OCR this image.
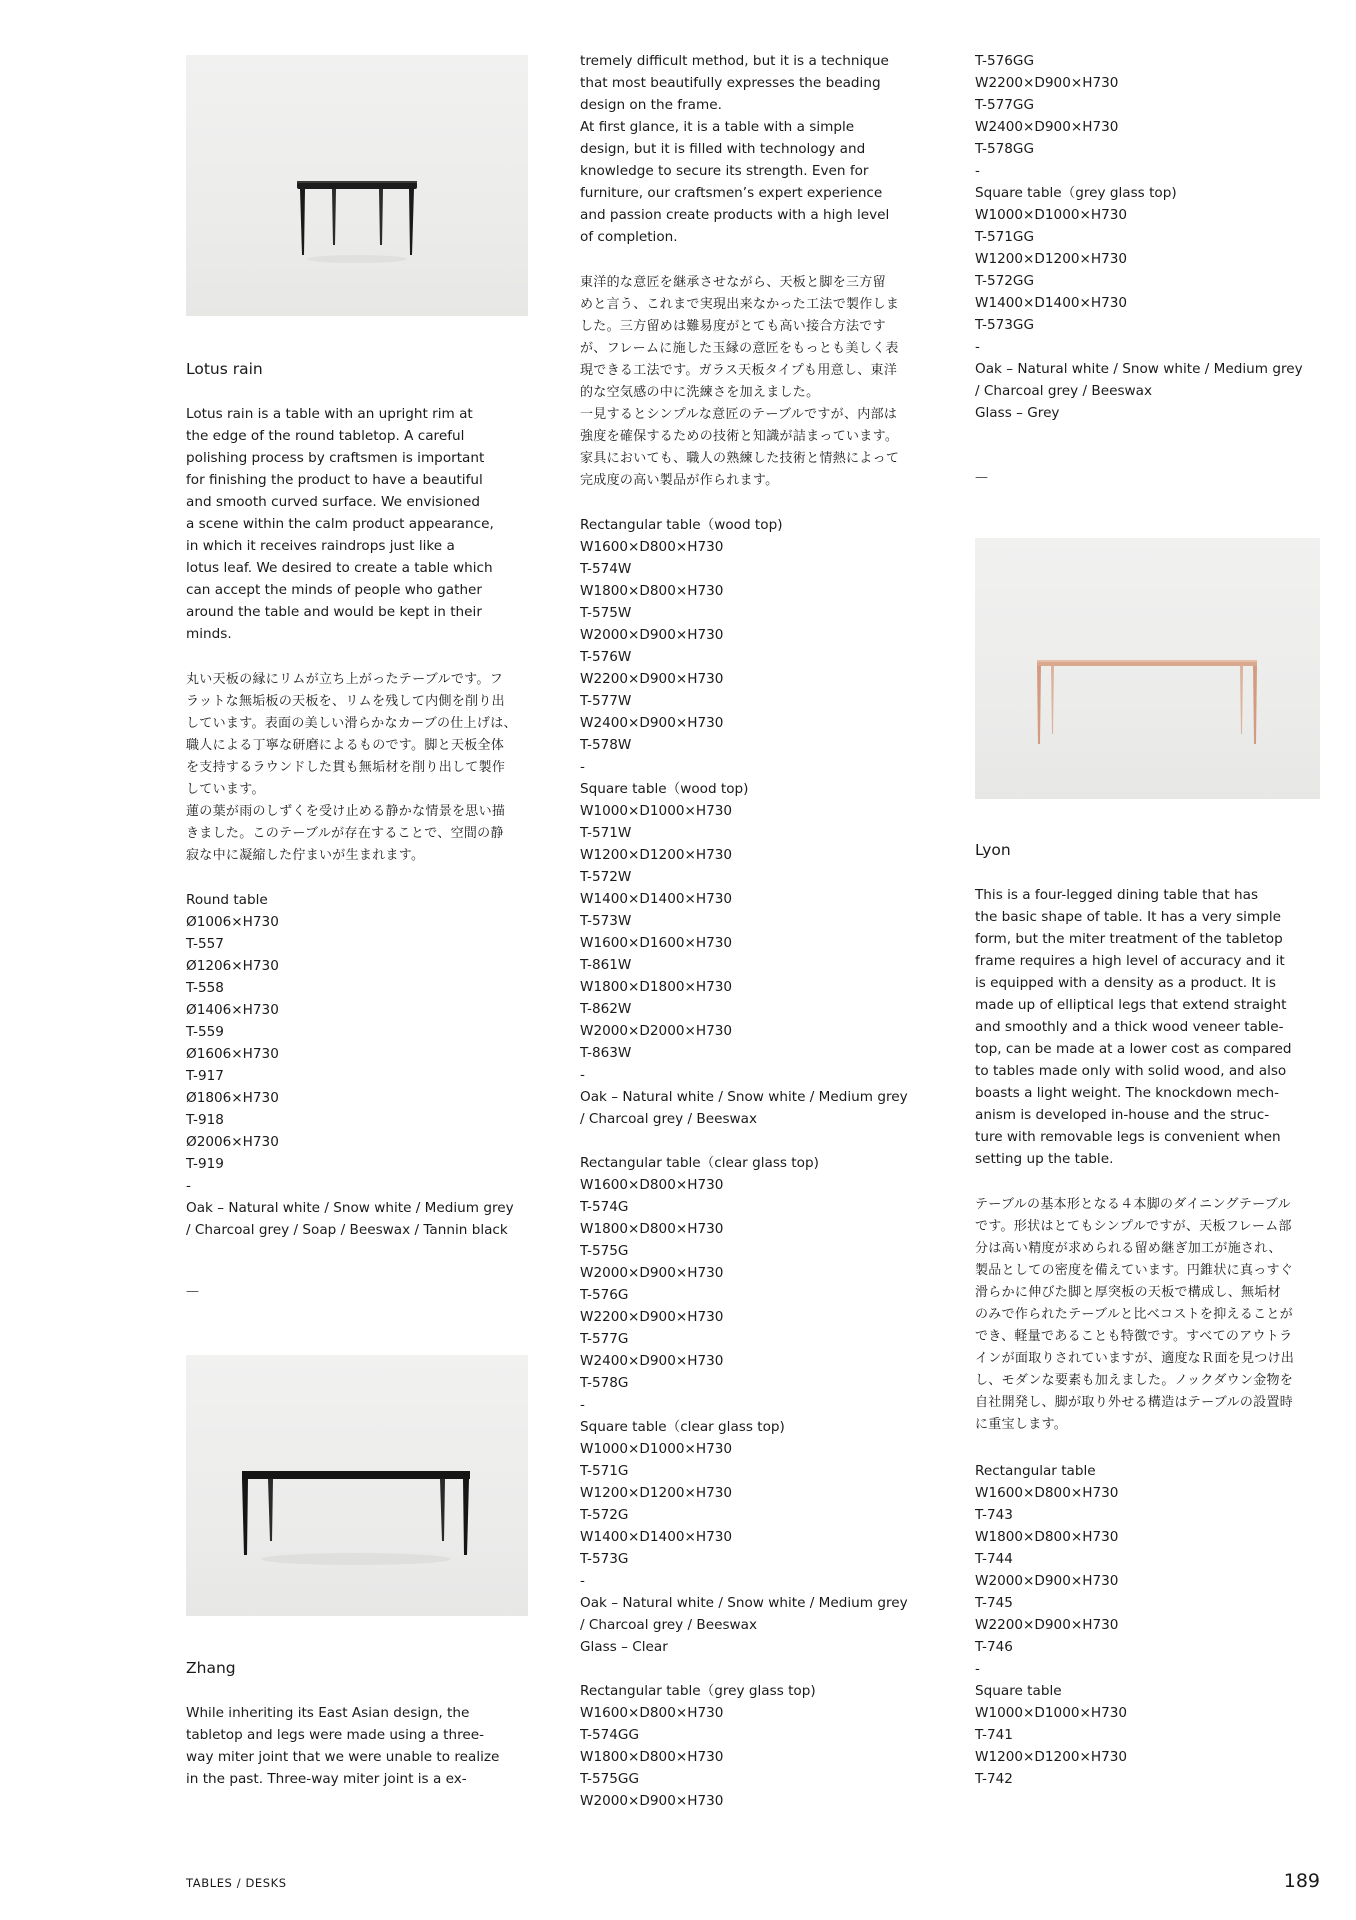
Lotus rain

Lotus rain is a table with an upright rim at
the edge of the round tabletop. A careful
polishing process by craftsmen is important
for finishing the product to have a beautiful
and smooth curved surface. We envisioned
a scene within the calm product appearance,
in which it receives raindrops just like a
lotus leaf. We desired to create a table which
can accept the minds of people who gather
around the table and would be kept in their
minds.

丸い天板の縁にリムが立ち上がったテーブルです。フ
ラットな無垢板の天板を、リムを残して内側を削り出
しています。表面の美しい滑らかなカーブの仕上げは、
職人による丁寧な研磨によるものです。脚と天板全体
を支持するラウンドした貫も無垢材を削り出して製作
しています。
蓮の葉が雨のしずくを受け止める静かな情景を思い描
きました。このテーブルが存在することで、空間の静
寂な中に凝縮した佇まいが生まれます。

Round table
Ø1006×H730
T-557
Ø1206×H730
T-558
Ø1406×H730
T-559
Ø1606×H730
T-917
Ø1806×H730
T-918
Ø2006×H730
T-919
-
Oak – Natural white / Snow white / Medium grey
/ Charcoal grey / Soap / Beeswax / Tannin black

—

Zhang

While inheriting its East Asian design, the
tabletop and legs were made using a three-
way miter joint that we were unable to realize
in the past. Three-way miter joint is a ex-

tremely difficult method, but it is a technique
that most beautifully expresses the beading
design on the frame.
At first glance, it is a table with a simple
design, but it is filled with technology and
knowledge to secure its strength. Even for
furniture, our craftsmen’s expert experience
and passion create products with a high level
of completion.

東洋的な意匠を継承させながら、天板と脚を三方留
めと言う、これまで実現出来なかった工法で製作しま
した。三方留めは難易度がとても高い接合方法です
が、フレームに施した玉縁の意匠をもっとも美しく表
現できる工法です。ガラス天板タイプも用意し、東洋
的な空気感の中に洗練さを加えました。
一見するとシンプルな意匠のテーブルですが、内部は
強度を確保するための技術と知識が詰まっています。
家具においても、職人の熟練した技術と情熱によって
完成度の高い製品が作られます。

Rectangular table（wood top)
W1600×D800×H730
T-574W
W1800×D800×H730
T-575W
W2000×D900×H730
T-576W
W2200×D900×H730
T-577W
W2400×D900×H730
T-578W
-
Square table（wood top)
W1000×D1000×H730
T-571W
W1200×D1200×H730
T-572W
W1400×D1400×H730
T-573W
W1600×D1600×H730
T-861W
W1800×D1800×H730
T-862W
W2000×D2000×H730
T-863W
-
Oak – Natural white / Snow white / Medium grey
/ Charcoal grey / Beeswax

Rectangular table（clear glass top)
W1600×D800×H730
T-574G
W1800×D800×H730
T-575G
W2000×D900×H730
T-576G
W2200×D900×H730
T-577G
W2400×D900×H730
T-578G
-
Square table（clear glass top)
W1000×D1000×H730
T-571G
W1200×D1200×H730
T-572G
W1400×D1400×H730
T-573G
-
Oak – Natural white / Snow white / Medium grey
/ Charcoal grey / Beeswax
Glass – Clear

Rectangular table（grey glass top)
W1600×D800×H730
T-574GG
W1800×D800×H730
T-575GG
W2000×D900×H730

T-576GG
W2200×D900×H730
T-577GG
W2400×D900×H730
T-578GG
-
Square table（grey glass top)
W1000×D1000×H730
T-571GG
W1200×D1200×H730
T-572GG
W1400×D1400×H730
T-573GG
-
Oak – Natural white / Snow white / Medium grey
/ Charcoal grey / Beeswax
Glass – Grey

—

Lyon

This is a four-legged dining table that has
the basic shape of table. It has a very simple
form, but the miter treatment of the tabletop
frame requires a high level of accuracy and it
is equipped with a density as a product. It is
made up of elliptical legs that extend straight
and smoothly and a thick wood veneer table-
top, can be made at a lower cost as compared
to tables made only with solid wood, and also
boasts a light weight. The knockdown mech-
anism is developed in-house and the struc-
ture with removable legs is convenient when
setting up the table.

テーブルの基本形となる４本脚のダイニングテーブル
です。形状はとてもシンプルですが、天板フレーム部
分は高い精度が求められる留め継ぎ加工が施され、
製品としての密度を備えています。円錐状に真っすぐ
滑らかに伸びた脚と厚突板の天板で構成し、無垢材
のみで作られたテーブルと比べコストを抑えることが
でき、軽量であることも特徴です。すべてのアウトラ
インが面取りされていますが、適度なＲ面を見つけ出
し、モダンな要素も加えました。ノックダウン金物を
自社開発し、脚が取り外せる構造はテーブルの設置時
に重宝します。

Rectangular table
W1600×D800×H730
T-743
W1800×D800×H730
T-744
W2000×D900×H730
T-745
W2200×D900×H730
T-746
-
Square table
W1000×D1000×H730
T-741
W1200×D1200×H730
T-742

TABLES / DESKS	189
